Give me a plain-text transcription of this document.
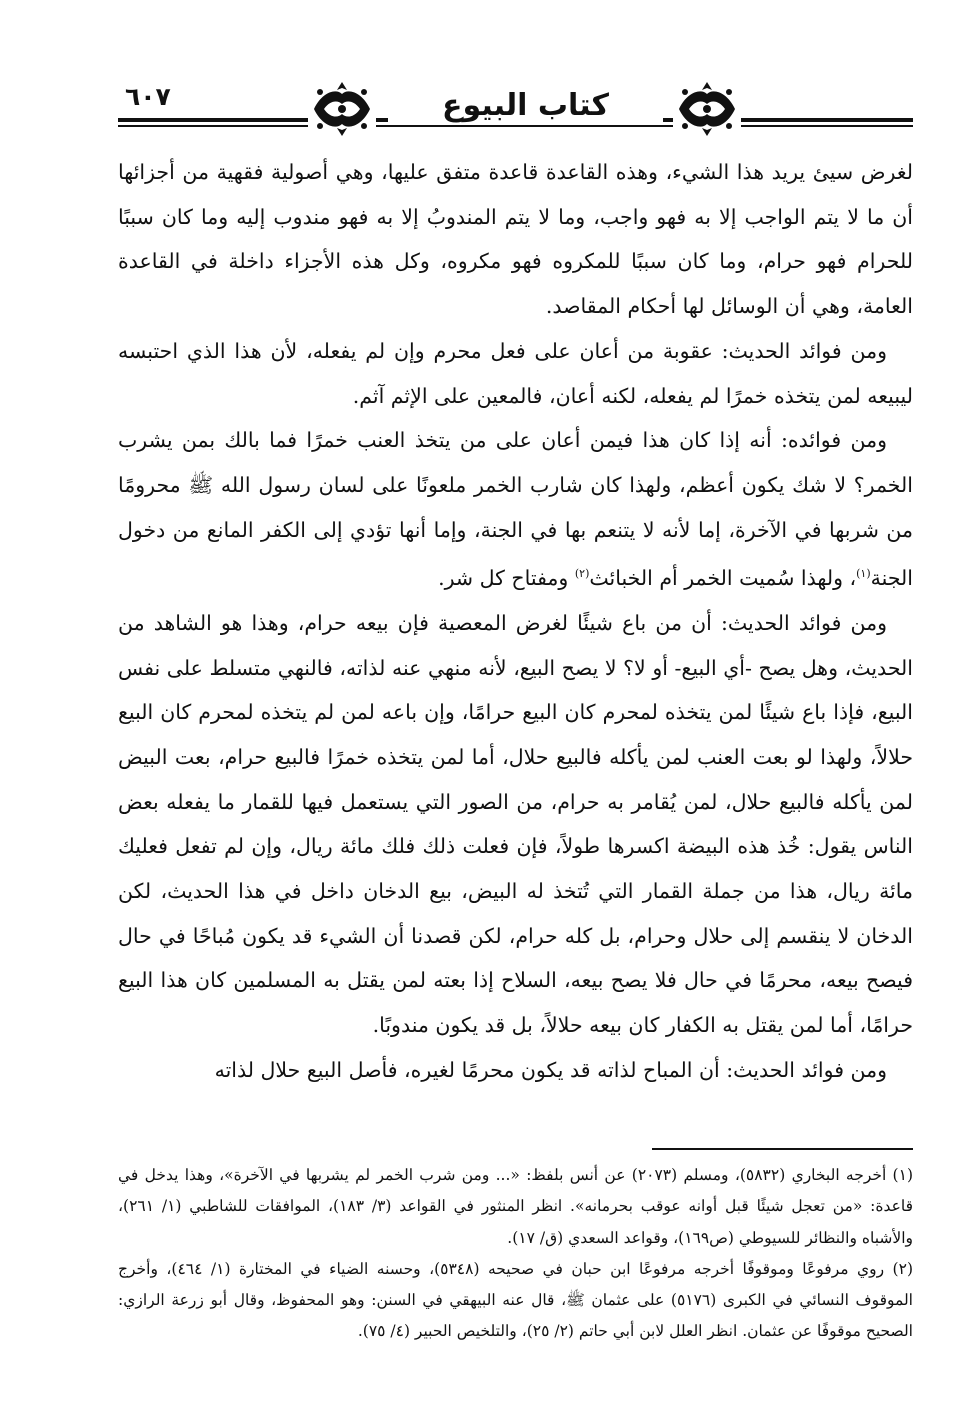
٦٠٧	كتاب البيوع

لغرض سيئ يريد هذا الشيء، وهذه القاعدة قاعدة متفق عليها، وهي أصولية فقهية من أجزائها أن ما لا يتم الواجب إلا به فهو واجب، وما لا يتم المندوبُ إلا به فهو مندوب إليه وما كان سببًا للحرام فهو حرام، وما كان سببًا للمكروه فهو مكروه، وكل هذه الأجزاء داخلة في القاعدة العامة، وهي أن الوسائل لها أحكام المقاصد.

ومن فوائد الحديث: عقوبة من أعان على فعل محرم وإن لم يفعله، لأن هذا الذي احتبسه ليبيعه لمن يتخذه خمرًا لم يفعله، لكنه أعان، فالمعين على الإثم آثم.

ومن فوائده: أنه إذا كان هذا فيمن أعان على من يتخذ العنب خمرًا فما بالك بمن يشرب الخمر؟ لا شك يكون أعظم، ولهذا كان شارب الخمر ملعونًا على لسان رسول الله ﷺ محرومًا من شربها في الآخرة، إما لأنه لا يتنعم بها في الجنة، وإما أنها تؤدي إلى الكفر المانع من دخول الجنة$^{(١)}$، ولهذا سُميت الخمر أم الخبائث$^{(٢)}$ ومفتاح كل شر.

ومن فوائد الحديث: أن من باع شيئًا لغرض المعصية فإن بيعه حرام، وهذا هو الشاهد من الحديث، وهل يصح -أي البيع- أو لا؟ لا يصح البيع، لأنه منهي عنه لذاته، فالنهي متسلط على نفس البيع، فإذا باع شيئًا لمن يتخذه لمحرم كان البيع حرامًا، وإن باعه لمن لم يتخذه لمحرم كان البيع حلالاً، ولهذا لو بعت العنب لمن يأكله فالبيع حلال، أما لمن يتخذه خمرًا فالبيع حرام، بعت البيض لمن يأكله فالبيع حلال، لمن يُقامر به حرام، من الصور التي يستعمل فيها للقمار ما يفعله بعض الناس يقول: خُذ هذه البيضة اكسرها طولاً، فإن فعلت ذلك فلك مائة ريال، وإن لم تفعل فعليك مائة ريال، هذا من جملة القمار التي تُتخذ له البيض، بيع الدخان داخل في هذا الحديث، لكن الدخان لا ينقسم إلى حلال وحرام، بل كله حرام، لكن قصدنا أن الشيء قد يكون مُباحًا في حال فيصح بيعه، محرمًا في حال فلا يصح بيعه، السلاح إذا بعته لمن يقتل به المسلمين كان هذا البيع حرامًا، أما لمن يقتل به الكفار كان بيعه حلالاً، بل قد يكون مندوبًا.

ومن فوائد الحديث: أن المباح لذاته قد يكون محرمًا لغيره، فأصل البيع حلال لذاته

(١) أخرجه البخاري (٥٨٣٢)، ومسلم (٢٠٧٣) عن أنس بلفظ: «... ومن شرب الخمر لم يشربها في الآخرة»، وهذا يدخل في قاعدة: «من تعجل شيئًا قبل أوانه عوقب بحرمانه». انظر المنثور في القواعد (٣/ ١٨٣)، الموافقات للشاطبي (١/ ٢٦١)، والأشباه والنظائر للسيوطي (ص١٦٩)، وقواعد السعدي (ق/ ١٧).

(٢) روي مرفوعًا وموقوفًا أخرجه مرفوعًا ابن حبان في صحيحه (٥٣٤٨)، وحسنه الضياء في المختارة (١/ ٤٦٤)، وأخرج الموقوف النسائي في الكبرى (٥١٧٦) على عثمان ﷺ، قال عنه البيهقي في السنن: وهو المحفوظ، وقال أبو زرعة الرازي: الصحيح موقوفًا عن عثمان. انظر العلل لابن أبي حاتم (٢/ ٢٥)، والتلخيص الحبير (٤/ ٧٥).
